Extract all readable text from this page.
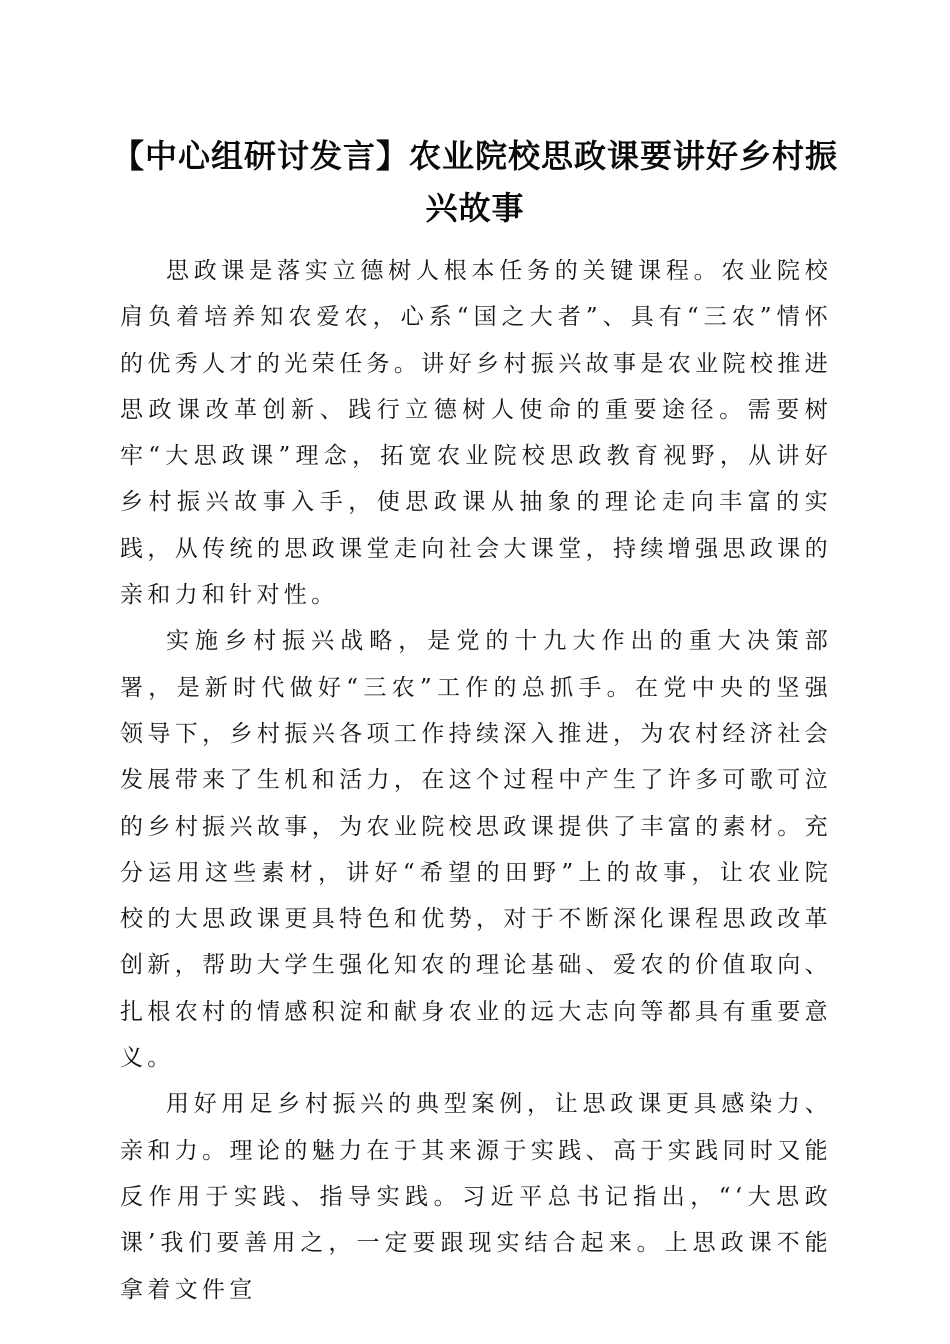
【中心组研讨发言】农业院校思政课要讲好乡村振兴故事

思政课是落实立德树人根本任务的关键课程。农业院校肩负着培养知农爱农，心系“国之大者”、具有“三农”情怀的优秀人才的光荣任务。讲好乡村振兴故事是农业院校推进思政课改革创新、践行立德树人使命的重要途径。需要树牢“大思政课”理念，拓宽农业院校思政教育视野，从讲好乡村振兴故事入手，使思政课从抽象的理论走向丰富的实践，从传统的思政课堂走向社会大课堂，持续增强思政课的亲和力和针对性。

实施乡村振兴战略，是党的十九大作出的重大决策部署，是新时代做好“三农”工作的总抓手。在党中央的坚强领导下，乡村振兴各项工作持续深入推进，为农村经济社会发展带来了生机和活力，在这个过程中产生了许多可歌可泣的乡村振兴故事，为农业院校思政课提供了丰富的素材。充分运用这些素材，讲好“希望的田野”上的故事，让农业院校的大思政课更具特色和优势，对于不断深化课程思政改革创新，帮助大学生强化知农的理论基础、爱农的价值取向、扎根农村的情感积淀和献身农业的远大志向等都具有重要意义。

用好用足乡村振兴的典型案例，让思政课更具感染力、亲和力。理论的魅力在于其来源于实践、高于实践同时又能反作用于实践、指导实践。习近平总书记指出，“‘大思政课’我们要善用之，一定要跟现实结合起来。上思政课不能拿着文件宣
